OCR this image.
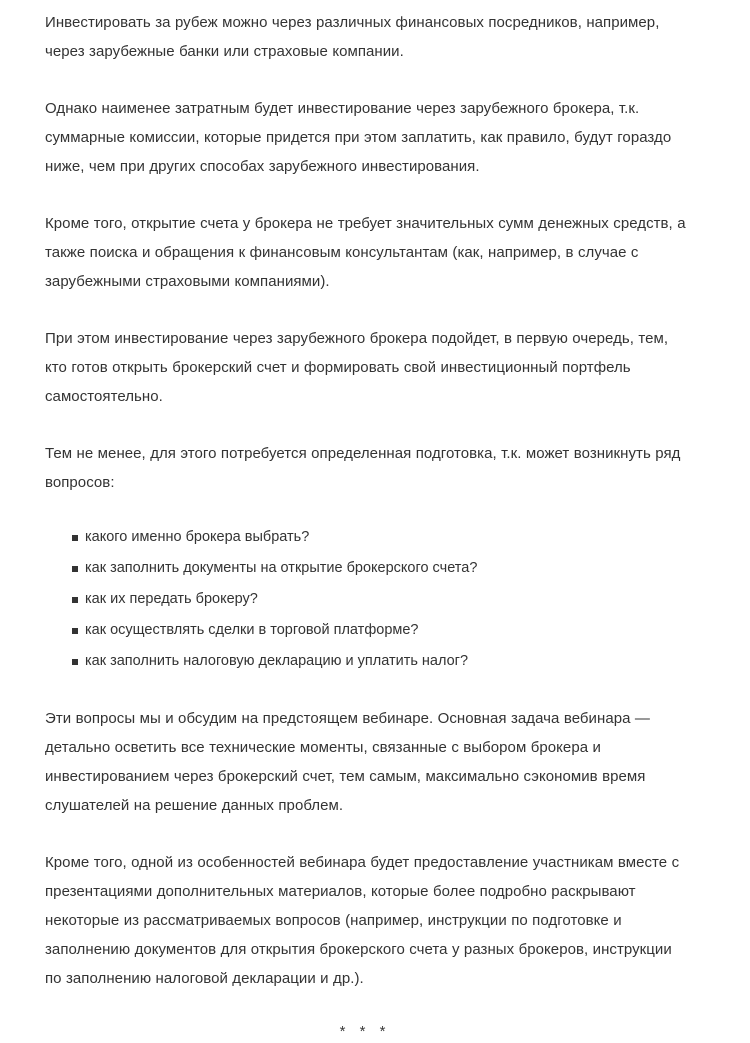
Инвестировать за рубеж можно через различных финансовых посредников, например, через зарубежные банки или страховые компании.

Однако наименее затратным будет инвестирование через зарубежного брокера, т.к. суммарные комиссии, которые придется при этом заплатить, как правило, будут гораздо ниже, чем при других способах зарубежного инвестирования.

Кроме того, открытие счета у брокера не требует значительных сумм денежных средств, а также поиска и обращения к финансовым консультантам (как, например, в случае с зарубежными страховыми компаниями).

При этом инвестирование через зарубежного брокера подойдет, в первую очередь, тем, кто готов открыть брокерский счет и формировать свой инвестиционный портфель самостоятельно.

Тем не менее, для этого потребуется определенная подготовка, т.к. может возникнуть ряд вопросов:

какого именно брокера выбрать?
как заполнить документы на открытие брокерского счета?
как их передать брокеру?
как осуществлять сделки в торговой платформе?
как заполнить налоговую декларацию и уплатить налог?

Эти вопросы мы и обсудим на предстоящем вебинаре. Основная задача вебинара — детально осветить все технические моменты, связанные с выбором брокера и инвестированием через брокерский счет, тем самым, максимально сэкономив время слушателей на решение данных проблем.

Кроме того, одной из особенностей вебинара будет предоставление участникам вместе с презентациями дополнительных материалов, которые более подробно раскрывают некоторые из рассматриваемых вопросов (например, инструкции по подготовке и заполнению документов для открытия брокерского счета у разных брокеров, инструкции по заполнению налоговой декларации и др.).

* * *
